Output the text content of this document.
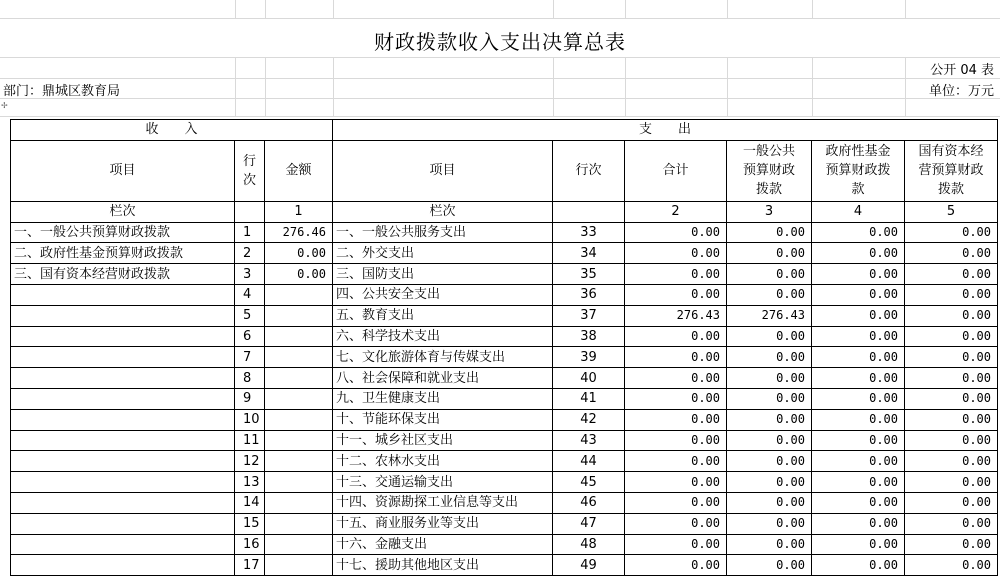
财政拨款收入支出决算总表
公开 04 表
部门：鼎城区教育局	单位：万元
✢
收　　入			支　　出					
项目	行次	金额	项目	行次	合计	一般公共预算财政拨款	政府性基金预算财政拨款	国有资本经营预算财政拨款
栏次		1	栏次		2	3	4	5
一、一般公共预算财政拨款	1	276.46	一、一般公共服务支出	33	0.00	0.00	0.00	0.00
二、政府性基金预算财政拨款	2	0.00	二、外交支出	34	0.00	0.00	0.00	0.00
三、国有资本经营财政拨款	3	0.00	三、国防支出	35	0.00	0.00	0.00	0.00
	4		四、公共安全支出	36	0.00	0.00	0.00	0.00
	5		五、教育支出	37	276.43	276.43	0.00	0.00
	6		六、科学技术支出	38	0.00	0.00	0.00	0.00
	7		七、文化旅游体育与传媒支出	39	0.00	0.00	0.00	0.00
	8		八、社会保障和就业支出	40	0.00	0.00	0.00	0.00
	9		九、卫生健康支出	41	0.00	0.00	0.00	0.00
	10		十、节能环保支出	42	0.00	0.00	0.00	0.00
	11		十一、城乡社区支出	43	0.00	0.00	0.00	0.00
	12		十二、农林水支出	44	0.00	0.00	0.00	0.00
	13		十三、交通运输支出	45	0.00	0.00	0.00	0.00
	14		十四、资源勘探工业信息等支出	46	0.00	0.00	0.00	0.00
	15		十五、商业服务业等支出	47	0.00	0.00	0.00	0.00
	16		十六、金融支出	48	0.00	0.00	0.00	0.00
	17		十七、援助其他地区支出	49	0.00	0.00	0.00	0.00
